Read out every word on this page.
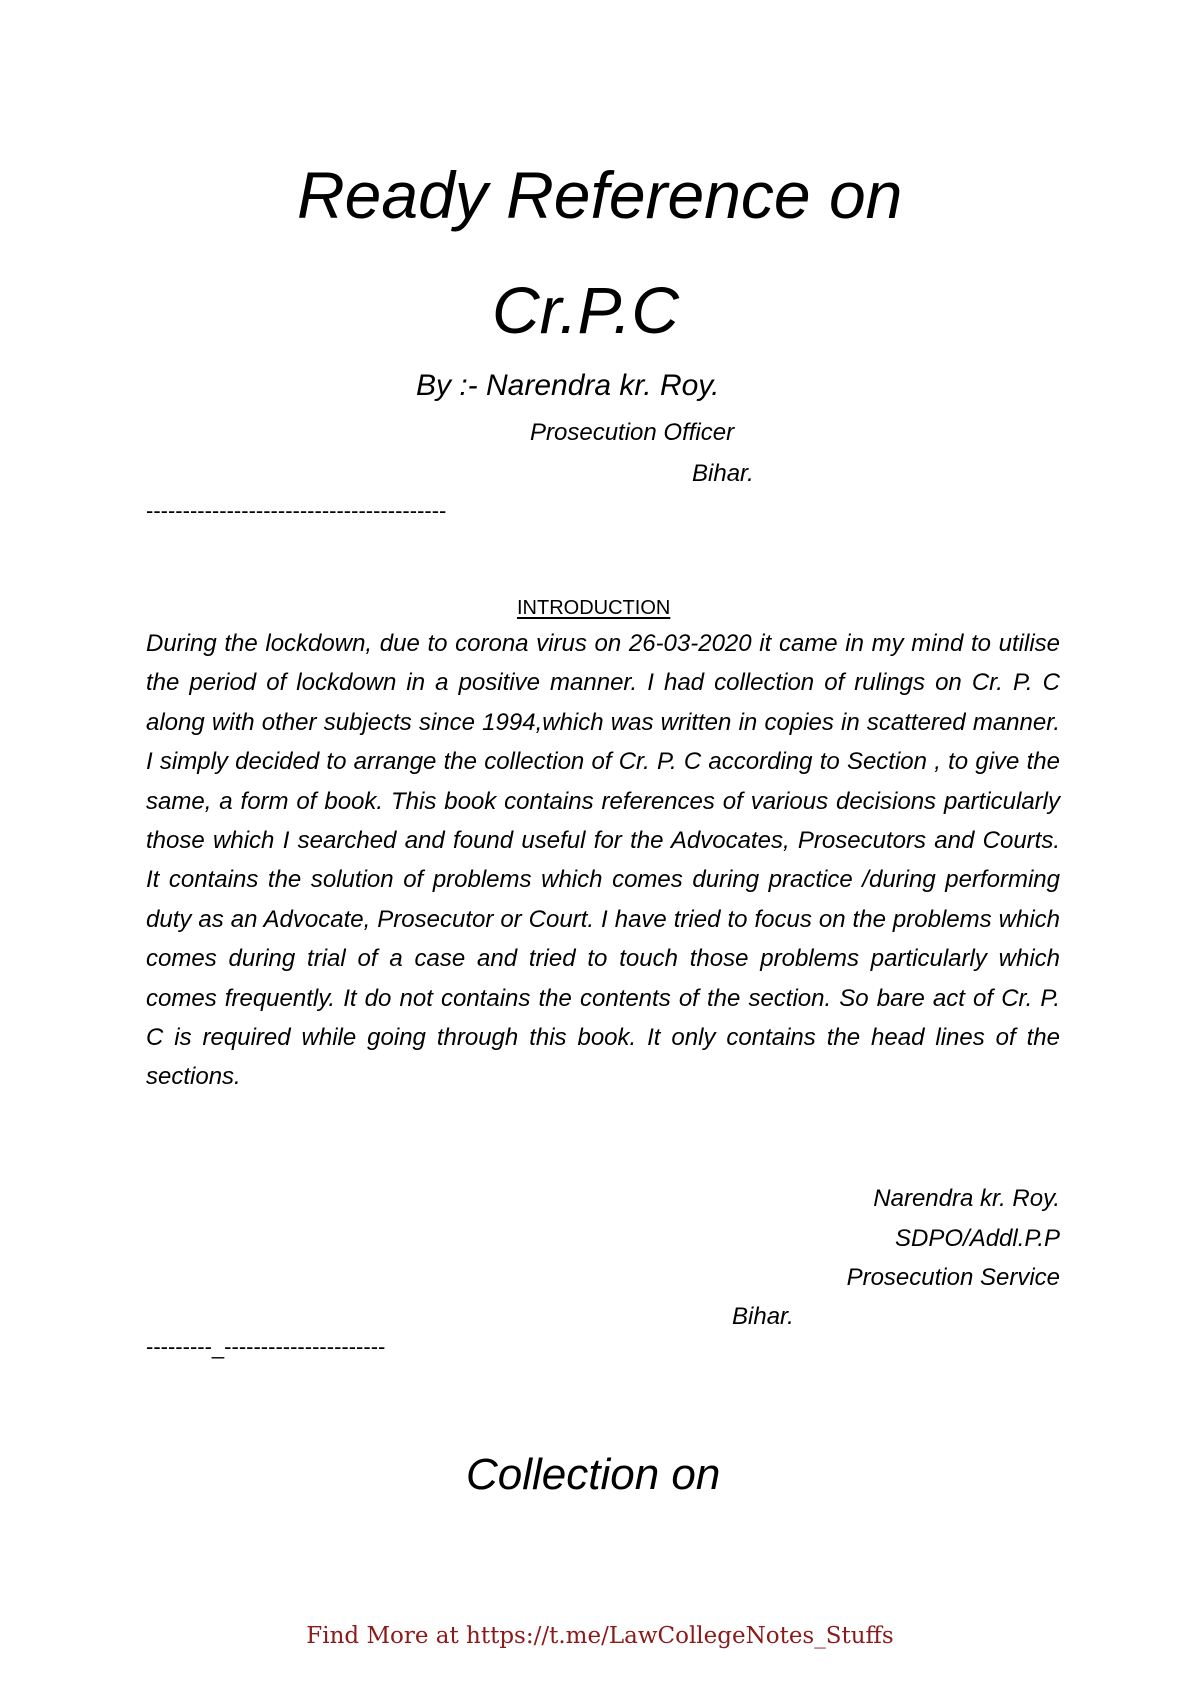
Ready Reference on
Cr.P.C

By :- Narendra kr. Roy.

Prosecution Officer

Bihar.

-----------------------------------------

INTRODUCTION

During the lockdown, due to corona virus on 26-03-2020 it came in my mind to utilise the period of lockdown in a positive manner. I had collection of rulings on Cr. P. C along with other subjects since 1994,which was written in copies in scattered manner. I simply decided to arrange the collection of Cr. P. C according to Section , to give the same, a form of book. This book contains references of various decisions particularly those which I searched and found useful for the Advocates, Prosecutors and Courts. It contains the solution of problems which comes during practice /during performing duty as an Advocate, Prosecutor or Court. I have tried to focus on the problems which comes during trial of a case and tried to touch those problems particularly which comes frequently. It do not contains the contents of the section. So bare act of Cr. P. C is required while going through this book. It only contains the head lines of the sections.

Narendra kr. Roy.

SDPO/Addl.P.P

Prosecution Service

Bihar.

---------_----------------------

Collection on

Find More at https://t.me/LawCollegeNotes_Stuffs
